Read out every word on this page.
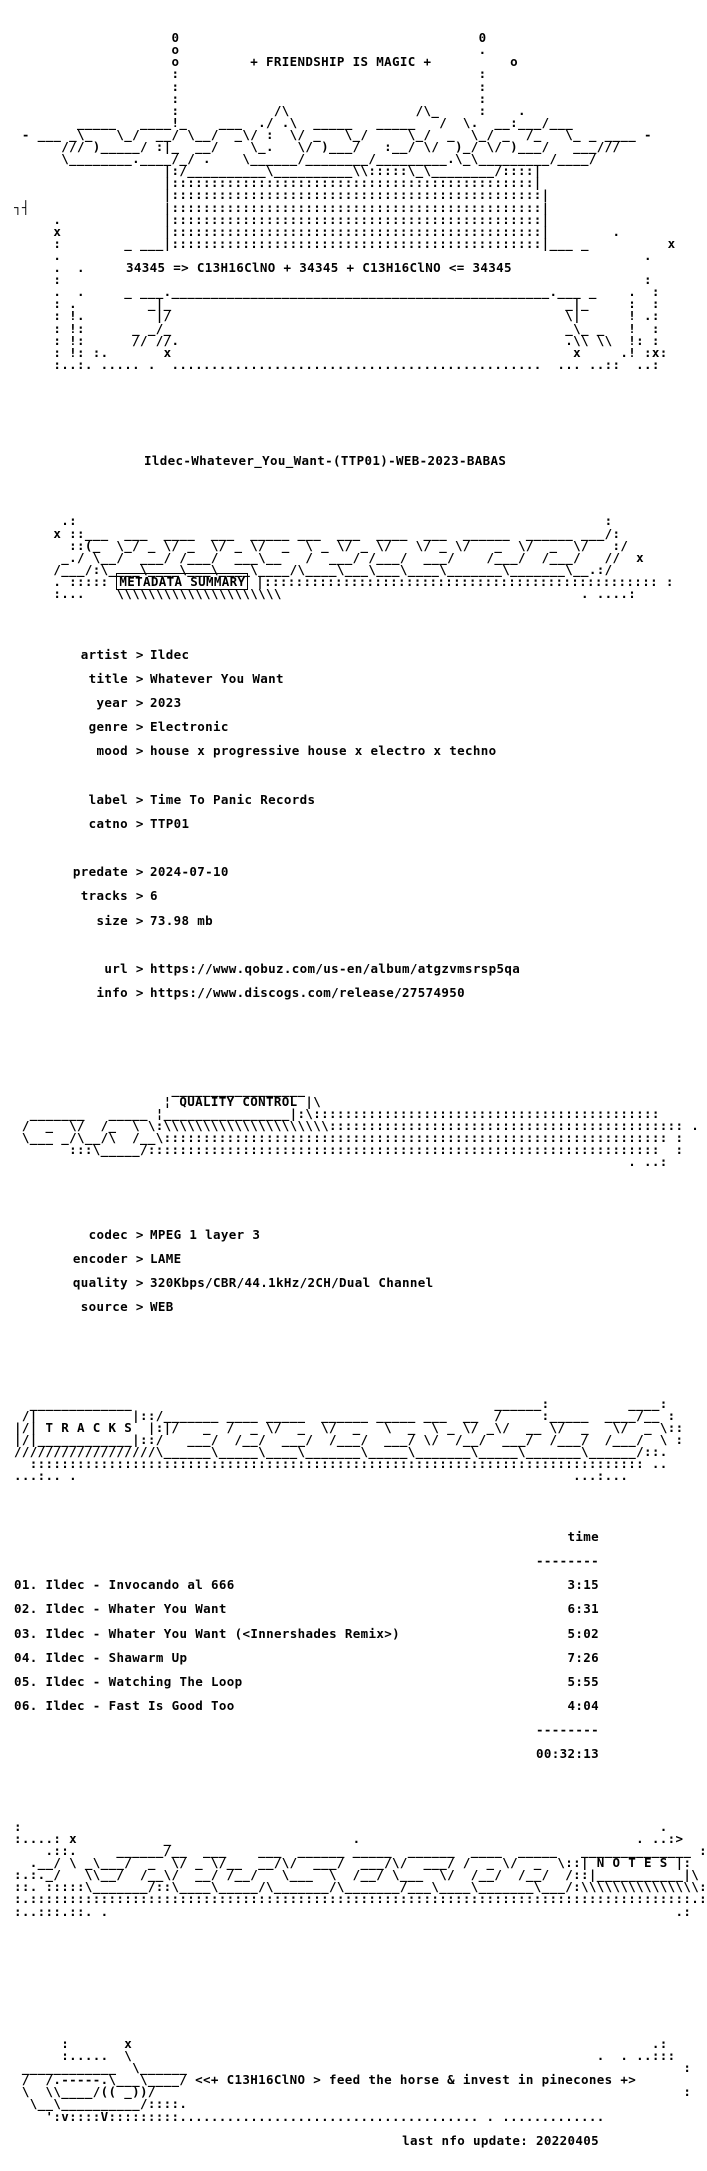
0                                      0
o                                      .
o	+ FRIENDSHIP IS MAGIC +	o
:                                      :
:                                      :
:                                      :
:            /\                /\_     :    .
_____   ____!_    ___  ./ .\  _____   _____   /  \.  __:___/___
- ___ _\_   \_/  __/ \__/  _\/ :  \/ _   \_/     \_/  _  \_/ _  /_   \_ _ ____ -
/// )_____/ :|_  __/    \_.   \/ )___/   :__/ \/  )_/ \/ )___/   ___///
\________.____/_/ .    \______/________/_________.\_\_________/____/
|:/__________\__________\\:::::\_\________/::::|
|::::::::::::::::::::::::::::::::::::::::::::::|
|:::::::::::::::::::::::::::::::::::::::::::::::|
┐┤                 |:::::::::::::::::::::::::::::::::::::::::::::::|
.             |:::::::::::::::::::::::::::::::::::::::::::::::|
x             |:::::::::::::::::::::::::::::::::::::::::::::::|        .
:        _ ___|:::::::::::::::::::::::::::::::::::::::::::::::|___ _          x
.                                                                          .
.  .	34345 => C13H16ClNO + 34345 + C13H16ClNO <= 34345
:                                                                          :
.  .     _ ___.________________________________________________.___ _    .  :
: .         _|_                                                  _|_     :  :
: !.         |/                                                  \|      ! .:
: !:      _ _/_                                                  _\_ _   !  :
: !:      // //.                                                 .\\ \\  !: :
: !: :.       x                                                   x     .! :x:
:..:. ..... .  ...............................................  ... ..::  ..:

Ildec-Whatever_You_Want-(TTP01)-WEB-2023-BABAS

.:                                                                   :
x ::___  ___  ____  ___  _____ ___  ___  ____  ___  ______  ______ ___/:
::(_  \_/ _ \/ _  \/ _ \/  _  \ _ \/ _ \/   \/ _ \/   _  \/  _  \/   :/
_./ \__/  ___/ /___/  ___\__   /  ___/ /___/  ___/    /___/  /___/   //  x
/___/:\____\____\___\____\____/\____\___\___\____\_______\_______\__.:/
. ::::: METADATA SUMMARY |:::::::::::::::::::::::::::::::::::::::::::::::::: :
:...    \\\\\\\\\\\\\\\\\\\\\                                      . ....:

artist > Ildec

title > Whatever You Want

year > 2023

genre > Electronic

mood > house x progressive house x electro x techno

label > Time To Panic Records

catno > TTP01

predate > 2024-07-10

tracks > 6

size > 73.98 mb

url > https://www.qobuz.com/us-en/album/atgzvmsrsp5qa

info > https://www.discogs.com/release/27574950

_________________
¦ QUALITY CONTROL |\
_______   _____ ¦________________|:\::::::::::::::::::::::::::::::::::::::::::::
/  _  \/  /_  \ \:\\\\\\\\\\\\\\\\\\\\\::::::::::::::::::::::::::::::::::::::::::::: .
\___ _/\__/\  /__\:::::::::::::::::::::::::::::::::::::::::::::::::::::::::::::::: :
:::\_____/:::::::::::::::::::::::::::::::::::::::::::::::::::::::::::::::::  :
. ..:

codec > MPEG 1 layer 3

encoder > LAME

quality > 320Kbps/CBR/44.1kHz/2CH/Dual Channel

source > WEB

_____________                                              ______:          ____:
/|            |::/_______ ____ _____  ______ _____ ___  __  /     :_____  ____/__ :
|/| T R A C K S  |:|/   _  /  _ \/  _  \/  _   \  _  \ _ \/ _\/  __ \/  _   \/  _ \::
|/|____________|::/   ___/  /__/  ___/  /___/  ___/ \/  /__/  ___/  /___/  /___/  \ :
//////////////////\______\_____\____\_______\_____\_______\_____\_______\______/::.
:::::::::::::::::::::::::::::::::::::::::::::::::::::::::::::::::::::::::::::: ..
...:.. .                                                               ...:...

time

--------

01. Ildec - Invocando al 666	3:15

02. Ildec - Whater You Want	6:31

03. Ildec - Whater You Want (<Innershades Remix>)	5:02

04. Ildec - Shawarm Up	7:26

05. Ildec - Watching The Loop	5:55

06. Ildec - Fast Is Good Too	4:04

--------

00:32:13

:                                                                                 .
:....: x           _                       .                                   . ..:>
.::.     ______/__  ___    ___  ______ _____  ______  ____  _____   ______________ :
.__/ \ _\___/  _  \/ _ \/__  __/\/  ___/  ___/\/  ___/ /  _ \/  _  \::| N O T E S |:
:.:._/   \\__/  /__\/  __/ /__/   \___  \  /__/ \___  \/  /__/  /__/  /::|___________|\
::. :::::\_______/::\____\_____/\_______/\_______/___\____\_______\___/:\\\\\\\\\\\\\\\:
:.::::::::::::::::::::::::::::::::::::::::::::::::::::::::::::::::::::::::::::::::::::.:
:..:::.::. .                                                                        .:

:       x                                                                  .:
:.....  \                                                           .  . ..:::
____________  \______                                                               :
/  /.-----.\___\____/ <<+ C13H16ClNO > feed the horse & invest in pinecones +>
\  \\____/(( _))/                                                                   :
\__\__________/::::.
':v::::V:::::::::...................................... . .............

last nfo update: 20220405
